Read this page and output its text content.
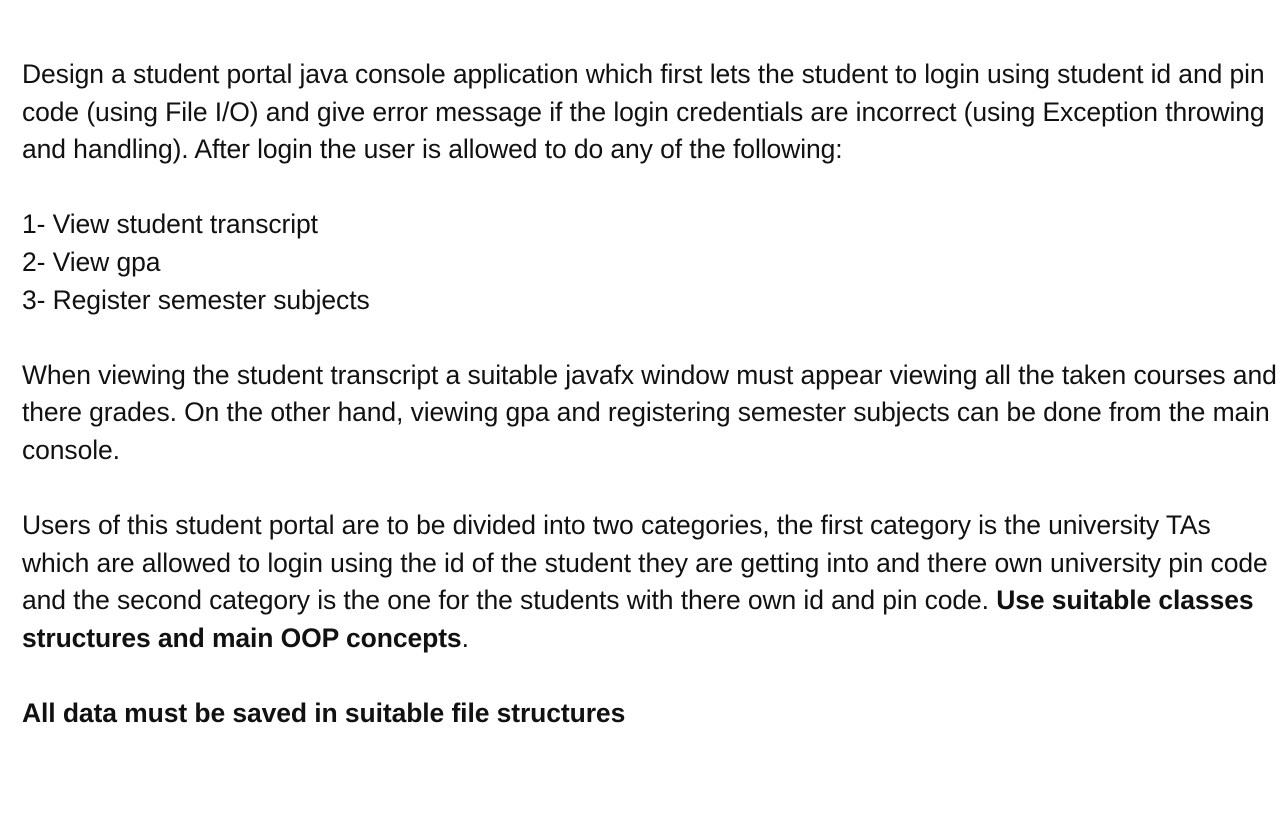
Design a student portal java console application which first lets the student to login using student id and pin code (using File I/O) and give error message if the login credentials are incorrect (using Exception throwing and handling). After login the user is allowed to do any of the following:

1- View student transcript

2- View gpa

3- Register semester subjects

When viewing the student transcript a suitable javafx window must appear viewing all the taken courses and there grades. On the other hand, viewing gpa and registering semester subjects can be done from the main console.

Users of this student portal are to be divided into two categories, the first category is the university TAs which are allowed to login using the id of the student they are getting into and there own university pin code and the second category is the one for the students with there own id and pin code. Use suitable classes structures and main OOP concepts.

All data must be saved in suitable file structures
